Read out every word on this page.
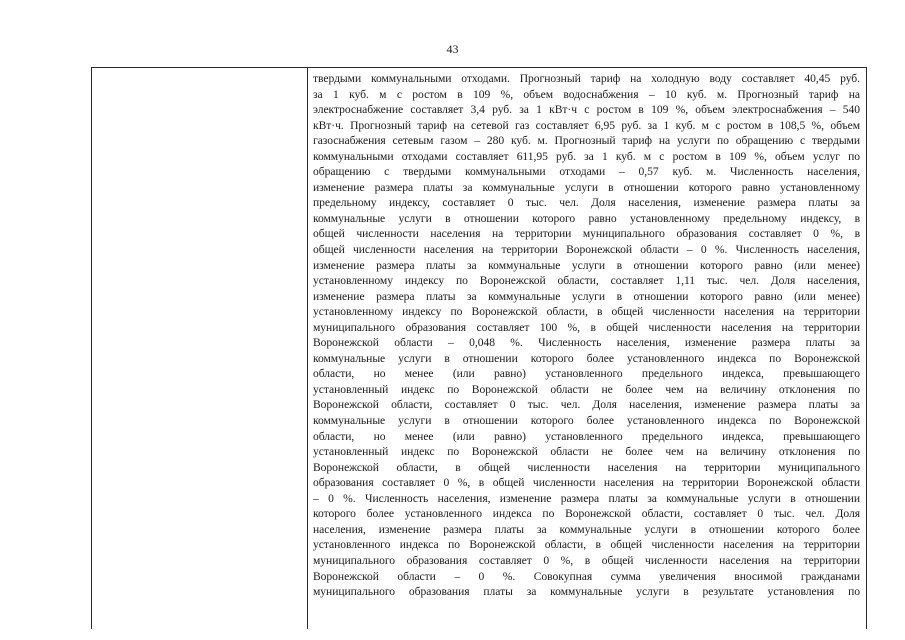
43

твердыми коммунальными отходами. Прогнозный тариф на холодную воду составляет 40,45 руб.
за 1 куб. м с ростом в 109 %, объем водоснабжения – 10 куб. м. Прогнозный тариф на
электроснабжение составляет 3,4 руб. за 1 кВт·ч с ростом в 109 %, объем электроснабжения – 540
кВт·ч. Прогнозный тариф на сетевой газ составляет 6,95 руб. за 1 куб. м с ростом в 108,5 %, объем
газоснабжения сетевым газом – 280 куб. м. Прогнозный тариф на услуги по обращению с твердыми
коммунальными отходами составляет 611,95 руб. за 1 куб. м с ростом в 109 %, объем услуг по
обращению с твердыми коммунальными отходами – 0,57 куб. м. Численность населения,
изменение размера платы за коммунальные услуги в отношении которого равно установленному
предельному индексу, составляет 0 тыс. чел. Доля населения, изменение размера платы за
коммунальные услуги в отношении которого равно установленному предельному индексу, в
общей численности населения на территории муниципального образования составляет 0 %, в
общей численности населения на территории Воронежской области – 0 %. Численность населения,
изменение размера платы за коммунальные услуги в отношении которого равно (или менее)
установленному индексу по Воронежской области, составляет 1,11 тыс. чел. Доля населения,
изменение размера платы за коммунальные услуги в отношении которого равно (или менее)
установленному индексу по Воронежской области, в общей численности населения на территории
муниципального образования составляет 100 %, в общей численности населения на территории
Воронежской области – 0,048 %. Численность населения, изменение размера платы за
коммунальные услуги в отношении которого более установленного индекса по Воронежской
области, но менее (или равно) установленного предельного индекса, превышающего
установленный индекс по Воронежской области не более чем на величину отклонения по
Воронежской области, составляет 0 тыс. чел. Доля населения, изменение размера платы за
коммунальные услуги в отношении которого более установленного индекса по Воронежской
области, но менее (или равно) установленного предельного индекса, превышающего
установленный индекс по Воронежской области не более чем на величину отклонения по
Воронежской области, в общей численности населения на территории муниципального
образования составляет 0 %, в общей численности населения на территории Воронежской области
– 0 %. Численность населения, изменение размера платы за коммунальные услуги в отношении
которого более установленного индекса по Воронежской области, составляет 0 тыс. чел. Доля
населения, изменение размера платы за коммунальные услуги в отношении которого более
установленного индекса по Воронежской области, в общей численности населения на территории
муниципального образования составляет 0 %, в общей численности населения на территории
Воронежской области – 0 %. Совокупная сумма увеличения вносимой гражданами
муниципального образования платы за коммунальные услуги в результате установления по
